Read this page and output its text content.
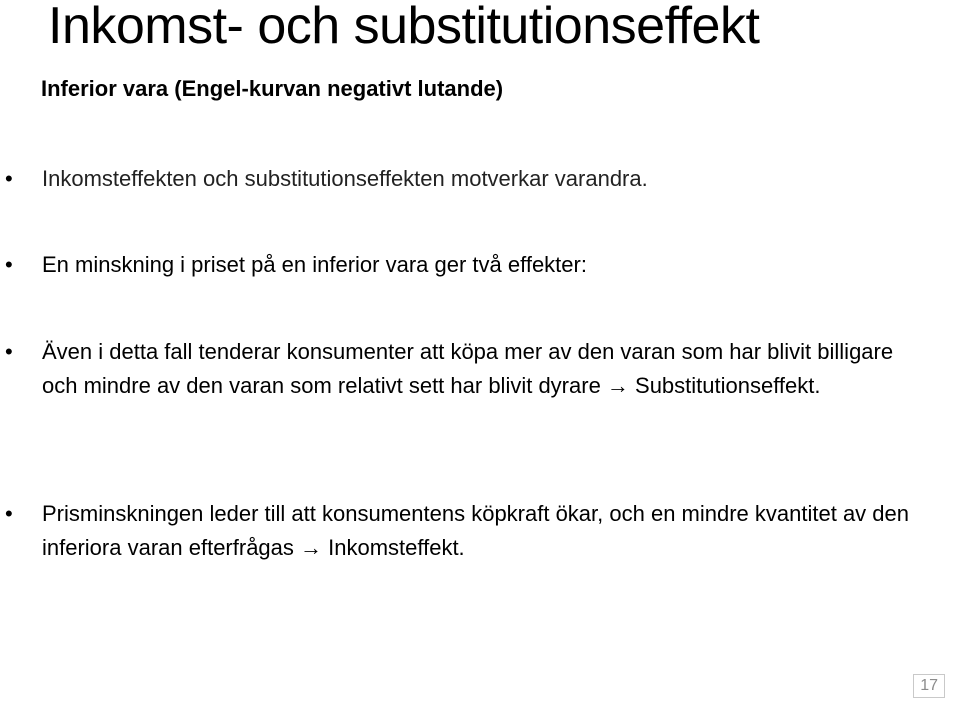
Inkomst- och substitutionseffekt

Inferior vara (Engel-kurvan negativt lutande)

• Inkomsteffekten och substitutionseffekten motverkar varandra.
• En minskning i priset på en inferior vara ger två effekter:
• Även i detta fall tenderar konsumenter att köpa mer av den varan som har blivit billigare och mindre av den varan som relativt sett har blivit dyrare → Substitutionseffekt.
• Prisminskningen leder till att konsumentens köpkraft ökar, och en mindre kvantitet av den inferiora varan efterfrågas → Inkomsteffekt.
17
